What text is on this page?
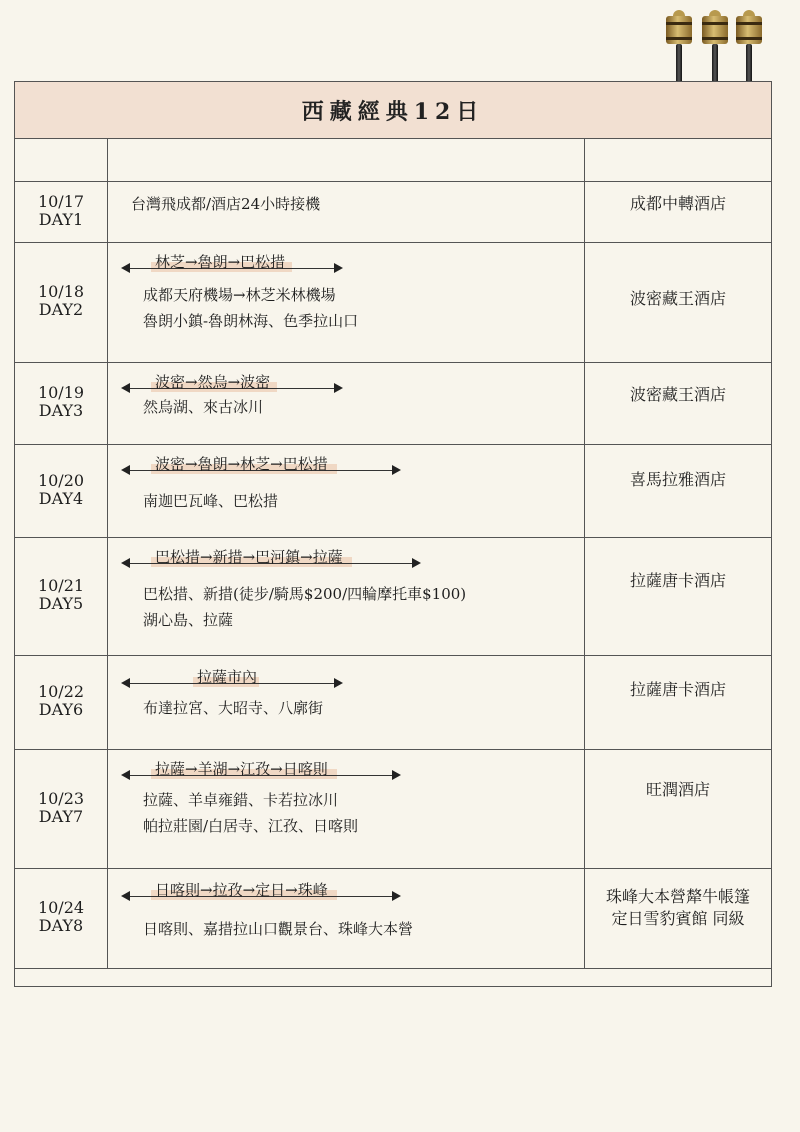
西藏經典12日
10/17
DAY1
台灣飛成都/酒店24小時接機	成都中轉酒店
10/18
DAY2
林芝→魯朗→巴松措
成都天府機場→林芝米林機場
魯朗小鎮-魯朗林海、色季拉山口
波密藏王酒店
10/19
DAY3
波密→然烏→波密
然烏湖、來古冰川
波密藏王酒店
10/20
DAY4
波密→魯朗→林芝→巴松措
南迦巴瓦峰、巴松措
喜馬拉雅酒店
10/21
DAY5
巴松措→新措→巴河鎮→拉薩
巴松措、新措(徒步/騎馬$200/四輪摩托車$100)
湖心島、拉薩
拉薩唐卡酒店
10/22
DAY6
拉薩市內
布達拉宮、大昭寺、八廓街
拉薩唐卡酒店
10/23
DAY7
拉薩→羊湖→江孜→日喀則
拉薩、羊卓雍錯、卡若拉冰川
帕拉莊園/白居寺、江孜、日喀則
旺潤酒店
10/24
DAY8
日喀則→拉孜→定日→珠峰
日喀則、嘉措拉山口觀景台、珠峰大本營
珠峰大本營犛牛帳篷
定日雪豹賓館 同級
